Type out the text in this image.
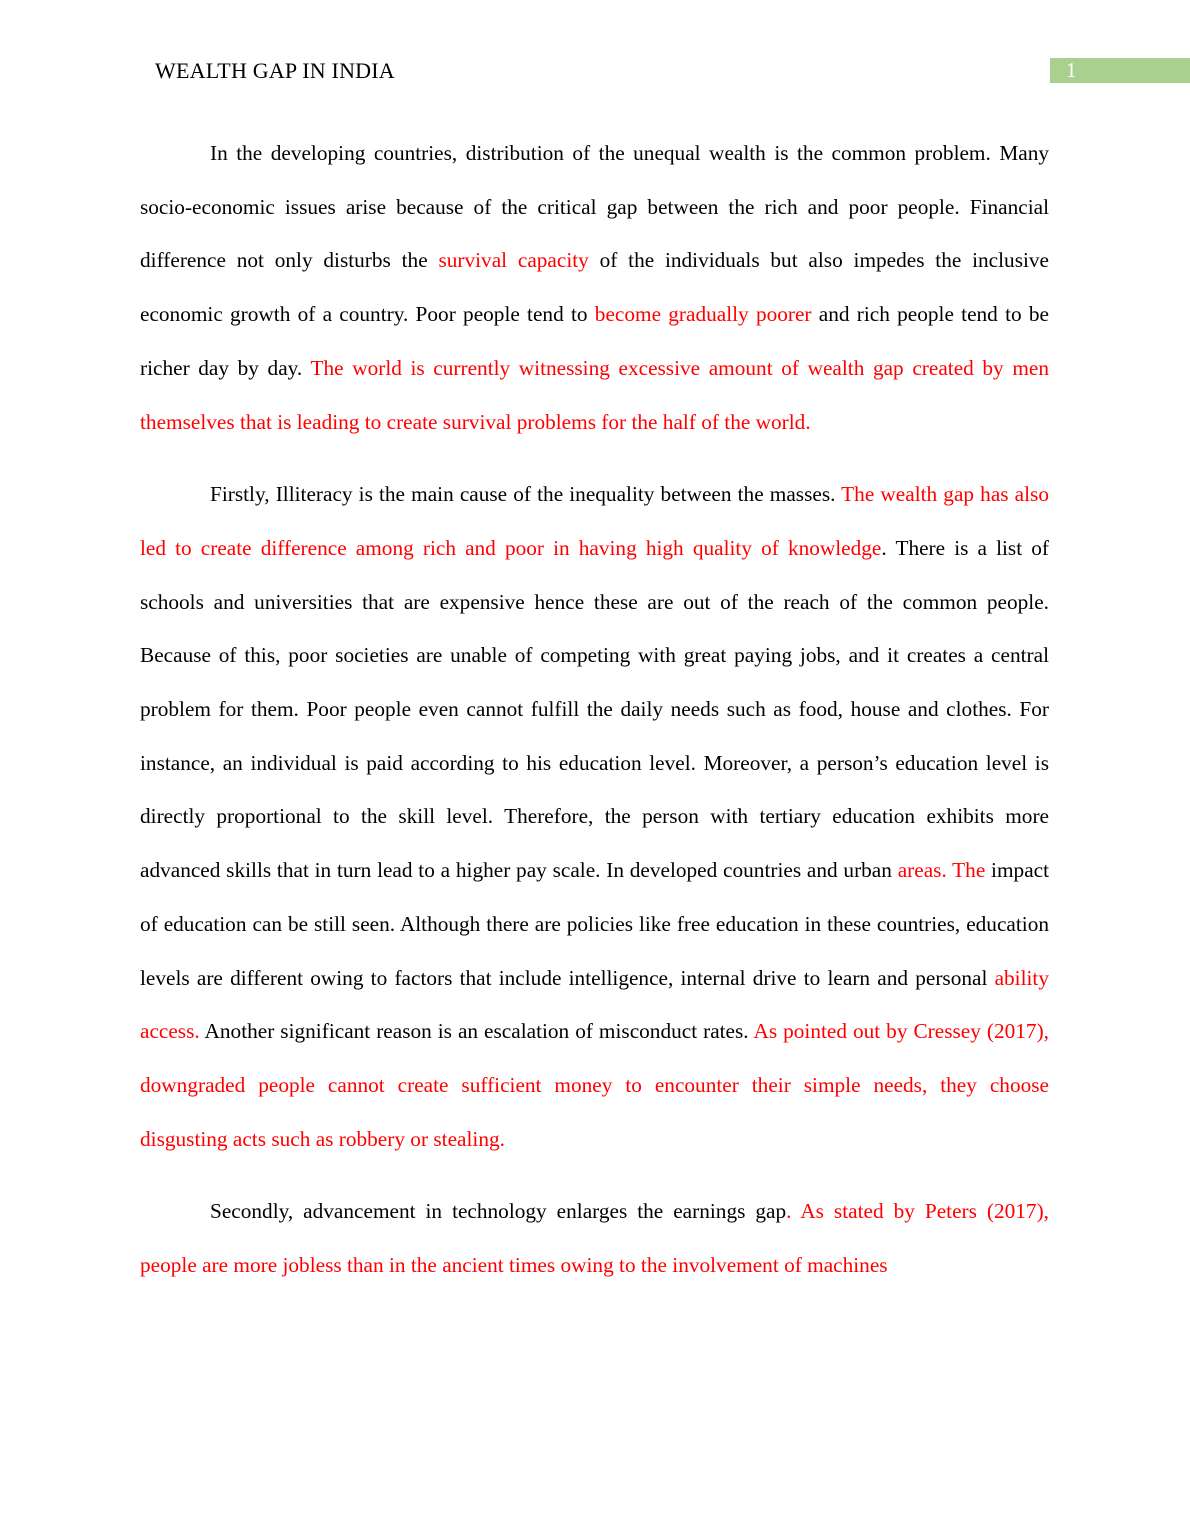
WEALTH GAP IN INDIA	1

In the developing countries, distribution of the unequal wealth is the common problem. Many socio-economic issues arise because of the critical gap between the rich and poor people. Financial difference not only disturbs the survival capacity of the individuals but also impedes the inclusive economic growth of a country. Poor people tend to become gradually poorer and rich people tend to be richer day by day. The world is currently witnessing excessive amount of wealth gap created by men themselves that is leading to create survival problems for the half of the world.

Firstly, Illiteracy is the main cause of the inequality between the masses. The wealth gap has also led to create difference among rich and poor in having high quality of knowledge. There is a list of schools and universities that are expensive hence these are out of the reach of the common people. Because of this, poor societies are unable of competing with great paying jobs, and it creates a central problem for them. Poor people even cannot fulfill the daily needs such as food, house and clothes. For instance, an individual is paid according to his education level. Moreover, a person’s education level is directly proportional to the skill level. Therefore, the person with tertiary education exhibits more advanced skills that in turn lead to a higher pay scale. In developed countries and urban areas. The impact of education can be still seen. Although there are policies like free education in these countries, education levels are different owing to factors that include intelligence, internal drive to learn and personal ability access. Another significant reason is an escalation of misconduct rates. As pointed out by Cressey (2017), downgraded people cannot create sufficient money to encounter their simple needs, they choose disgusting acts such as robbery or stealing.

Secondly, advancement in technology enlarges the earnings gap. As stated by Peters (2017), people are more jobless than in the ancient times owing to the involvement of machines
